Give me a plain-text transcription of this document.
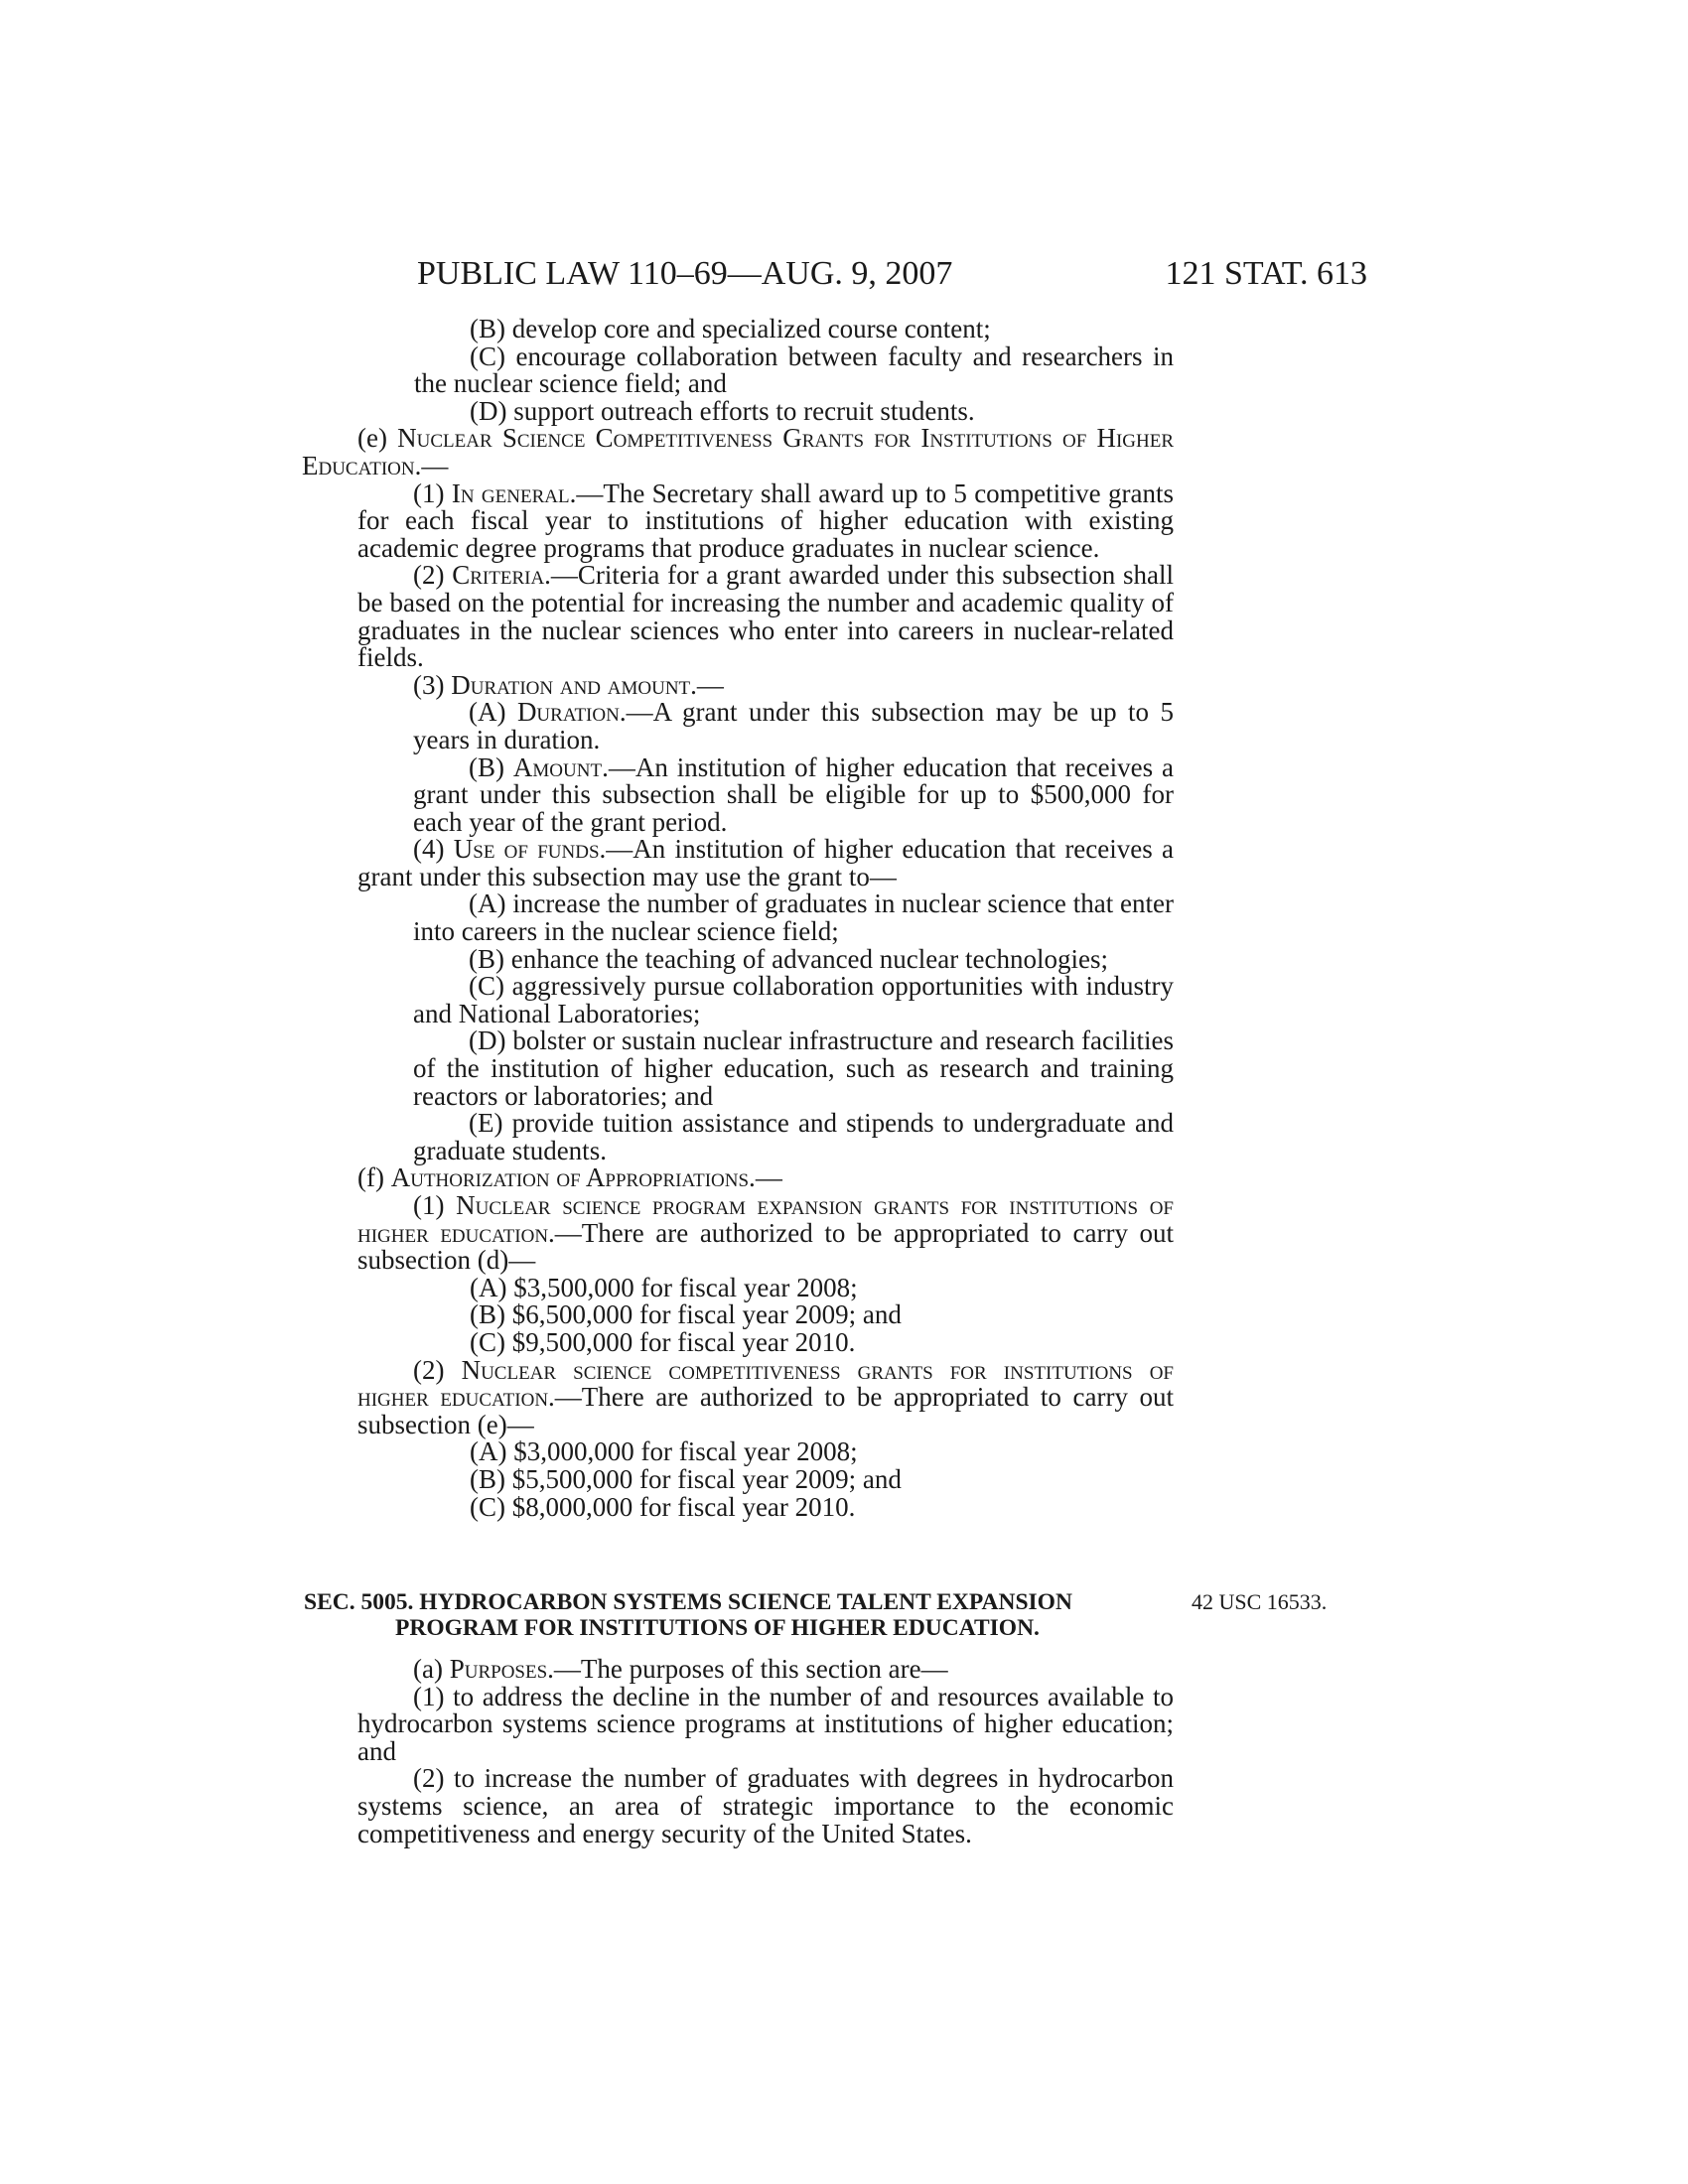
PUBLIC LAW 110–69—AUG. 9, 2007	121 STAT. 613

(B) develop core and specialized course content;

(C) encourage collaboration between faculty and researchers in the nuclear science field; and

(D) support outreach efforts to recruit students.

(e) Nuclear Science Competitiveness Grants for Institutions of Higher Education.—

(1) In general.—The Secretary shall award up to 5 competitive grants for each fiscal year to institutions of higher education with existing academic degree programs that produce graduates in nuclear science.

(2) Criteria.—Criteria for a grant awarded under this subsection shall be based on the potential for increasing the number and academic quality of graduates in the nuclear sciences who enter into careers in nuclear-related fields.

(3) Duration and amount.—

(A) Duration.—A grant under this subsection may be up to 5 years in duration.

(B) Amount.—An institution of higher education that receives a grant under this subsection shall be eligible for up to $500,000 for each year of the grant period.

(4) Use of funds.—An institution of higher education that receives a grant under this subsection may use the grant to—

(A) increase the number of graduates in nuclear science that enter into careers in the nuclear science field;

(B) enhance the teaching of advanced nuclear technologies;

(C) aggressively pursue collaboration opportunities with industry and National Laboratories;

(D) bolster or sustain nuclear infrastructure and research facilities of the institution of higher education, such as research and training reactors or laboratories; and

(E) provide tuition assistance and stipends to undergraduate and graduate students.

(f) Authorization of Appropriations.—

(1) Nuclear science program expansion grants for institutions of higher education.—There are authorized to be appropriated to carry out subsection (d)—

(A) $3,500,000 for fiscal year 2008;

(B) $6,500,000 for fiscal year 2009; and

(C) $9,500,000 for fiscal year 2010.

(2) Nuclear science competitiveness grants for institutions of higher education.—There are authorized to be appropriated to carry out subsection (e)—

(A) $3,000,000 for fiscal year 2008;

(B) $5,500,000 for fiscal year 2009; and

(C) $8,000,000 for fiscal year 2010.

SEC. 5005. HYDROCARBON SYSTEMS SCIENCE TALENT EXPANSION
PROGRAM FOR INSTITUTIONS OF HIGHER EDUCATION.
42 USC 16533.

(a) Purposes.—The purposes of this section are—

(1) to address the decline in the number of and resources available to hydrocarbon systems science programs at institutions of higher education; and

(2) to increase the number of graduates with degrees in hydrocarbon systems science, an area of strategic importance to the economic competitiveness and energy security of the United States.
